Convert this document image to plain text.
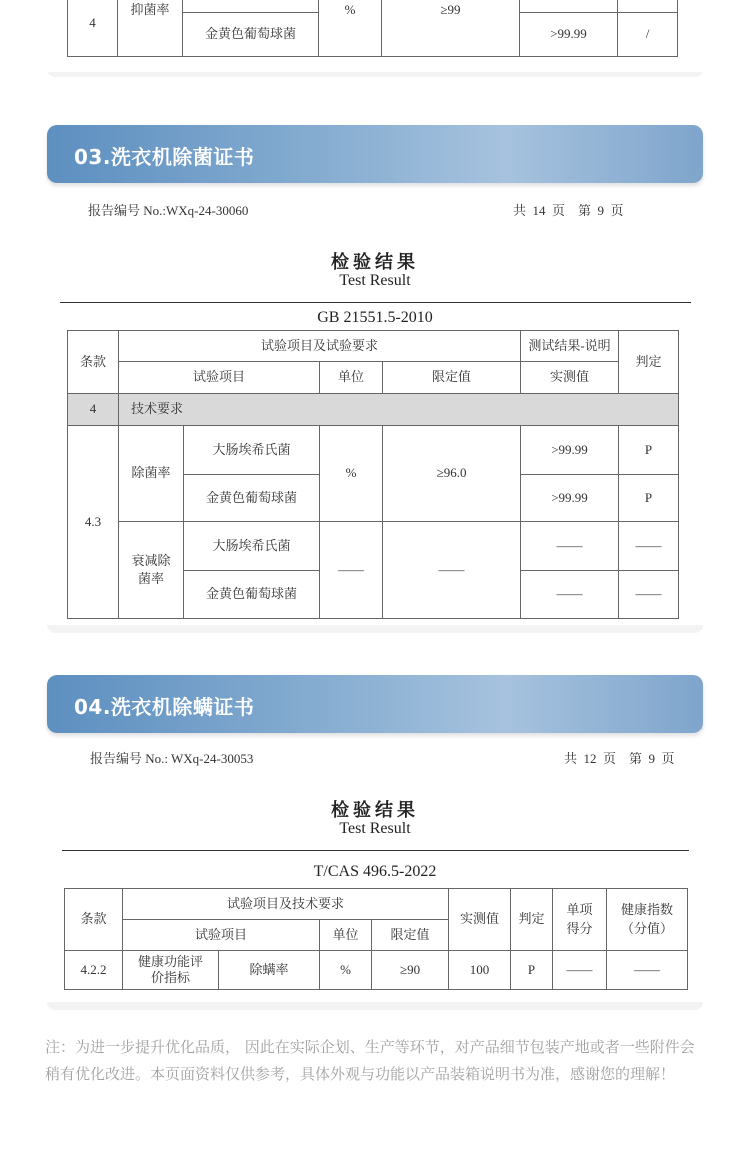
4	抑菌率		%	≥99		
		金黄色葡萄球菌			>99.99	/
03.洗衣机除菌证书
报告编号 No.:WXq-24-30060	共  14  页    第  9  页
检验结果
Test Result
GB 21551.5-2010
条款	试验项目及试验要求				测试结果-说明	判定
	试验项目		单位	限定值	实测值	
4	技术要求					
4.3	除菌率	大肠埃希氏菌	%	≥96.0	>99.99	P
		金黄色葡萄球菌			>99.99	P
	衰减除菌率	大肠埃希氏菌	——	——	——	——
		金黄色葡萄球菌			——	——
04.洗衣机除螨证书
报告编号 No.: WXq-24-30053	共  12  页    第  9  页
检验结果
Test Result
T/CAS 496.5-2022
条款	试验项目及技术要求				实测值	判定	单项得分	健康指数（分值）
	试验项目		单位	限定值				
4.2.2	健康功能评价指标	除螨率	%	≥90	100	P	——	——
注：为进一步提升优化品质， 因此在实际企划、生产等环节，对产品细节包装产地或者一些附件会稍有优化改进。本页面资料仅供参考，具体外观与功能以产品装箱说明书为准，感谢您的理解！
